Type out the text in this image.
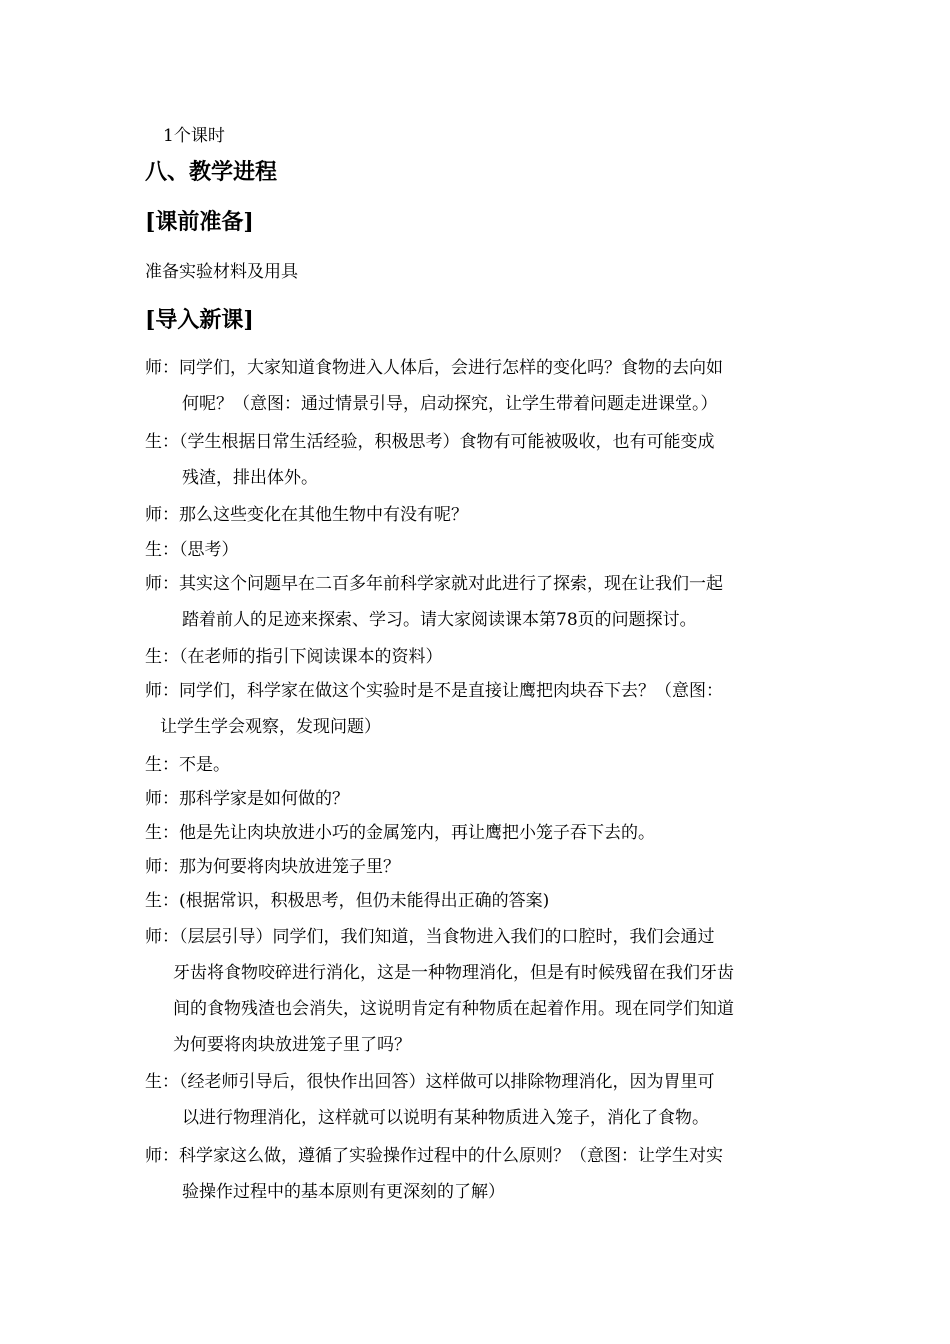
1个课时
八、教学进程
[课前准备]
准备实验材料及用具
[导入新课]
师：同学们，大家知道食物进入人体后，会进行怎样的变化吗？食物的去向如
何呢？（意图：通过情景引导，启动探究，让学生带着问题走进课堂。）
生：（学生根据日常生活经验，积极思考）食物有可能被吸收，也有可能变成
残渣，排出体外。
师：那么这些变化在其他生物中有没有呢？
生：（思考）
师：其实这个问题早在二百多年前科学家就对此进行了探索，现在让我们一起
踏着前人的足迹来探索、学习。请大家阅读课本第78页的问题探讨。
生：（在老师的指引下阅读课本的资料）
师：同学们，科学家在做这个实验时是不是直接让鹰把肉块吞下去？（意图：
让学生学会观察，发现问题）
生：不是。
师：那科学家是如何做的？
生：他是先让肉块放进小巧的金属笼内，再让鹰把小笼子吞下去的。
师：那为何要将肉块放进笼子里？
生：(根据常识，积极思考，但仍未能得出正确的答案)
师：（层层引导）同学们，我们知道，当食物进入我们的口腔时，我们会通过
牙齿将食物咬碎进行消化，这是一种物理消化，但是有时候残留在我们牙齿
间的食物残渣也会消失，这说明肯定有种物质在起着作用。现在同学们知道
为何要将肉块放进笼子里了吗？
生：（经老师引导后，很快作出回答）这样做可以排除物理消化，因为胃里可
以进行物理消化，这样就可以说明有某种物质进入笼子，消化了食物。
师：科学家这么做，遵循了实验操作过程中的什么原则？（意图：让学生对实
验操作过程中的基本原则有更深刻的了解）
